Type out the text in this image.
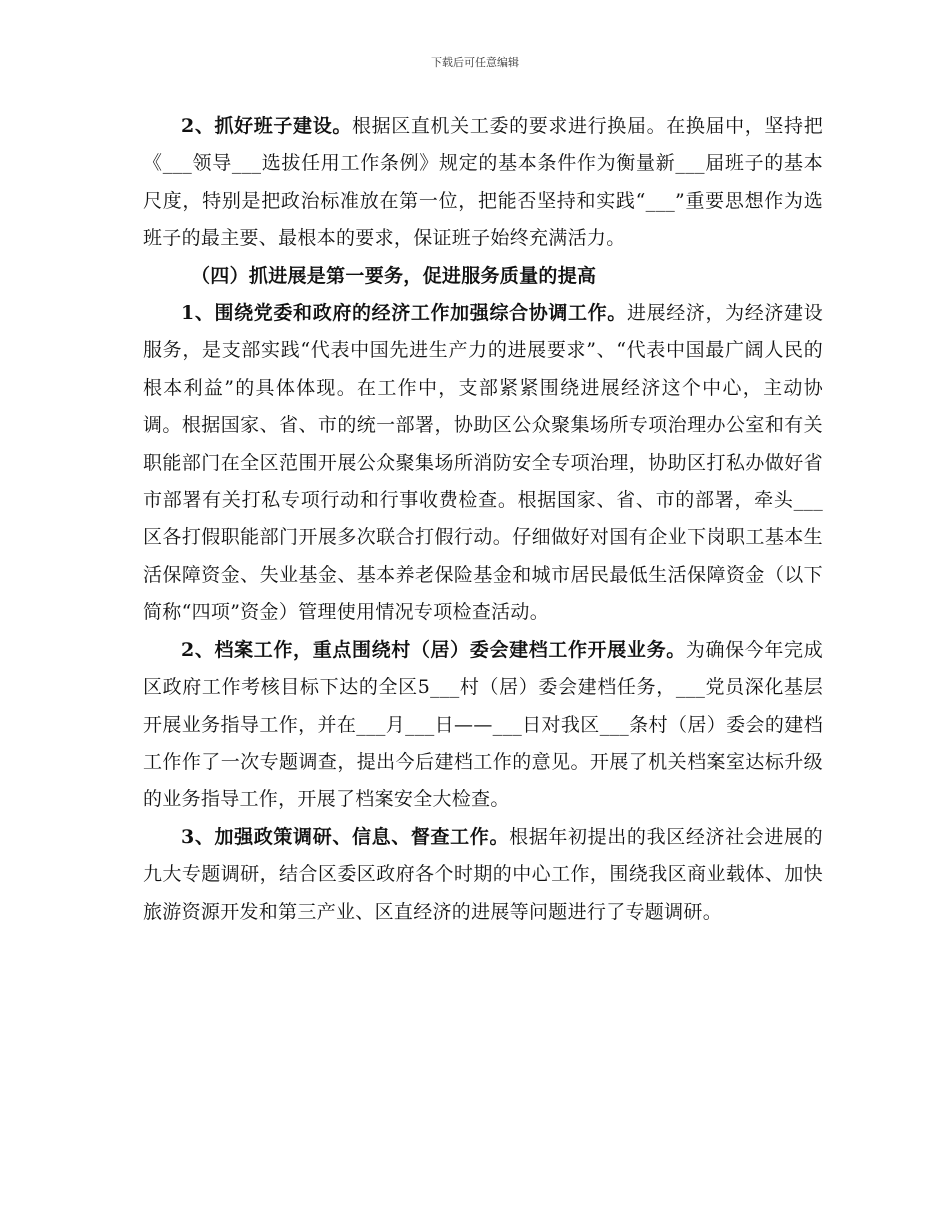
下载后可任意编辑

2、抓好班子建设。根据区直机关工委的要求进行换届。在换届中，坚持把《___领导___选拔任用工作条例》规定的基本条件作为衡量新___届班子的基本尺度，特别是把政治标准放在第一位，把能否坚持和实践“___”重要思想作为选班子的最主要、最根本的要求，保证班子始终充满活力。

（四）抓进展是第一要务，促进服务质量的提高

1、围绕党委和政府的经济工作加强综合协调工作。进展经济，为经济建设服务，是支部实践“代表中国先进生产力的进展要求”、“代表中国最广阔人民的根本利益”的具体体现。在工作中，支部紧紧围绕进展经济这个中心，主动协调。根据国家、省、市的统一部署，协助区公众聚集场所专项治理办公室和有关职能部门在全区范围开展公众聚集场所消防安全专项治理，协助区打私办做好省市部署有关打私专项行动和行事收费检查。根据国家、省、市的部署，牵头___区各打假职能部门开展多次联合打假行动。仔细做好对国有企业下岗职工基本生活保障资金、失业基金、基本养老保险基金和城市居民最低生活保障资金（以下简称“四项”资金）管理使用情况专项检查活动。

2、档案工作，重点围绕村（居）委会建档工作开展业务。为确保今年完成区政府工作考核目标下达的全区5___村（居）委会建档任务，___党员深化基层开展业务指导工作，并在___月___日——___日对我区___条村（居）委会的建档工作作了一次专题调查，提出今后建档工作的意见。开展了机关档案室达标升级的业务指导工作，开展了档案安全大检查。

3、加强政策调研、信息、督查工作。根据年初提出的我区经济社会进展的九大专题调研，结合区委区政府各个时期的中心工作，围绕我区商业载体、加快旅游资源开发和第三产业、区直经济的进展等问题进行了专题调研。
